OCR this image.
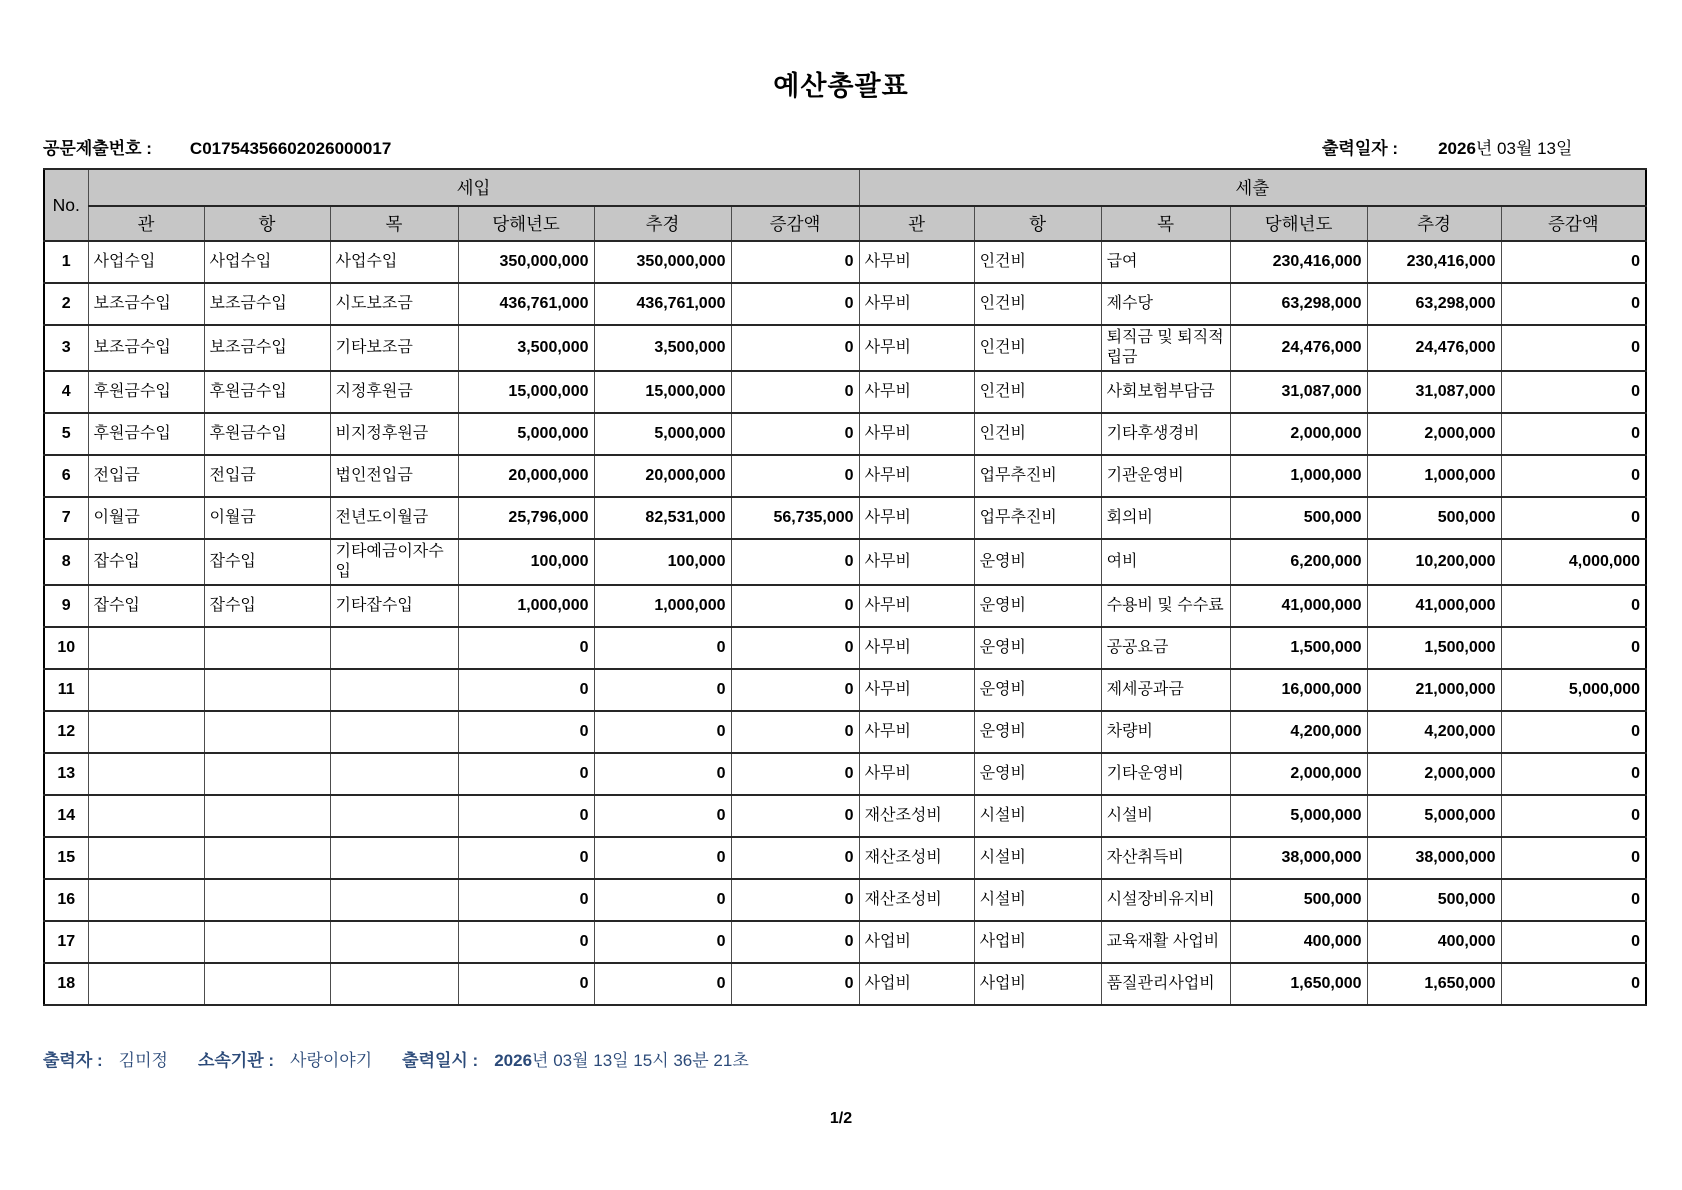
예산총괄표
공문제출번호 : C01754356602026000017	출력일자 : 2026년 03월 13일
No.	세입						세출					
	관	항	목	당해년도	추경	증감액	관	항	목	당해년도	추경	증감액
1	사업수입	사업수입	사업수입	350,000,000	350,000,000	0	사무비	인건비	급여	230,416,000	230,416,000	0
2	보조금수입	보조금수입	시도보조금	436,761,000	436,761,000	0	사무비	인건비	제수당	63,298,000	63,298,000	0
3	보조금수입	보조금수입	기타보조금	3,500,000	3,500,000	0	사무비	인건비	퇴직금 및 퇴직적립금	24,476,000	24,476,000	0
4	후원금수입	후원금수입	지정후원금	15,000,000	15,000,000	0	사무비	인건비	사회보험부담금	31,087,000	31,087,000	0
5	후원금수입	후원금수입	비지정후원금	5,000,000	5,000,000	0	사무비	인건비	기타후생경비	2,000,000	2,000,000	0
6	전입금	전입금	법인전입금	20,000,000	20,000,000	0	사무비	업무추진비	기관운영비	1,000,000	1,000,000	0
7	이월금	이월금	전년도이월금	25,796,000	82,531,000	56,735,000	사무비	업무추진비	회의비	500,000	500,000	0
8	잡수입	잡수입	기타예금이자수입	100,000	100,000	0	사무비	운영비	여비	6,200,000	10,200,000	4,000,000
9	잡수입	잡수입	기타잡수입	1,000,000	1,000,000	0	사무비	운영비	수용비 및 수수료	41,000,000	41,000,000	0
10				0	0	0	사무비	운영비	공공요금	1,500,000	1,500,000	0
11				0	0	0	사무비	운영비	제세공과금	16,000,000	21,000,000	5,000,000
12				0	0	0	사무비	운영비	차량비	4,200,000	4,200,000	0
13				0	0	0	사무비	운영비	기타운영비	2,000,000	2,000,000	0
14				0	0	0	재산조성비	시설비	시설비	5,000,000	5,000,000	0
15				0	0	0	재산조성비	시설비	자산취득비	38,000,000	38,000,000	0
16				0	0	0	재산조성비	시설비	시설장비유지비	500,000	500,000	0
17				0	0	0	사업비	사업비	교육재활 사업비	400,000	400,000	0
18				0	0	0	사업비	사업비	품질관리사업비	1,650,000	1,650,000	0
출력자 : 김미정 소속기관 : 사랑이야기 출력일시 : 2026년 03월 13일 15시 36분 21초
1/2
